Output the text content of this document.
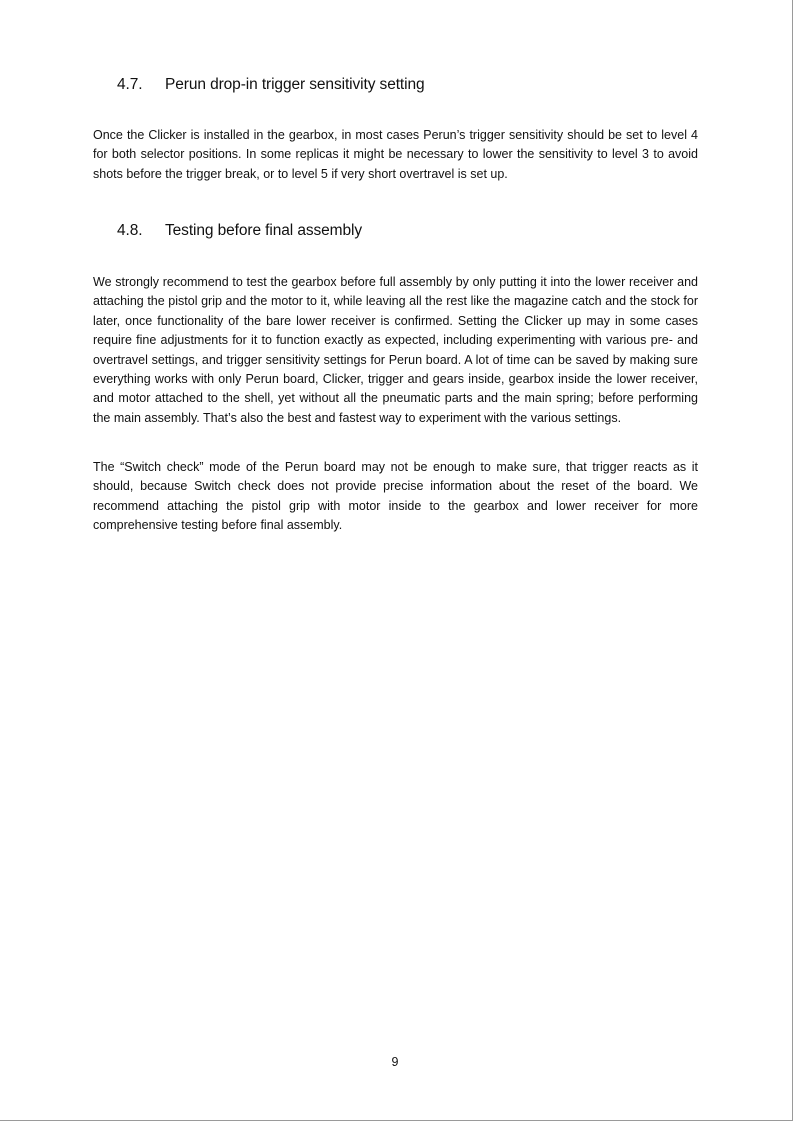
4.7. Perun drop-in trigger sensitivity setting

Once the Clicker is installed in the gearbox, in most cases Perun’s trigger sensitivity should be set to level 4 for both selector positions. In some replicas it might be necessary to lower the sensitivity to level 3 to avoid shots before the trigger break, or to level 5 if very short overtravel is set up.

4.8. Testing before final assembly

We strongly recommend to test the gearbox before full assembly by only putting it into the lower receiver and attaching the pistol grip and the motor to it, while leaving all the rest like the magazine catch and the stock for later, once functionality of the bare lower receiver is confirmed. Setting the Clicker up may in some cases require fine adjustments for it to function exactly as expected, including experimenting with various pre- and overtravel settings, and trigger sensitivity settings for Perun board. A lot of time can be saved by making sure everything works with only Perun board, Clicker, trigger and gears inside, gearbox inside the lower receiver, and motor attached to the shell, yet without all the pneumatic parts and the main spring; before performing the main assembly. That’s also the best and fastest way to experiment with the various settings.

The “Switch check” mode of the Perun board may not be enough to make sure, that trigger reacts as it should, because Switch check does not provide precise information about the reset of the board. We recommend attaching the pistol grip with motor inside to the gearbox and lower receiver for more comprehensive testing before final assembly.

9
